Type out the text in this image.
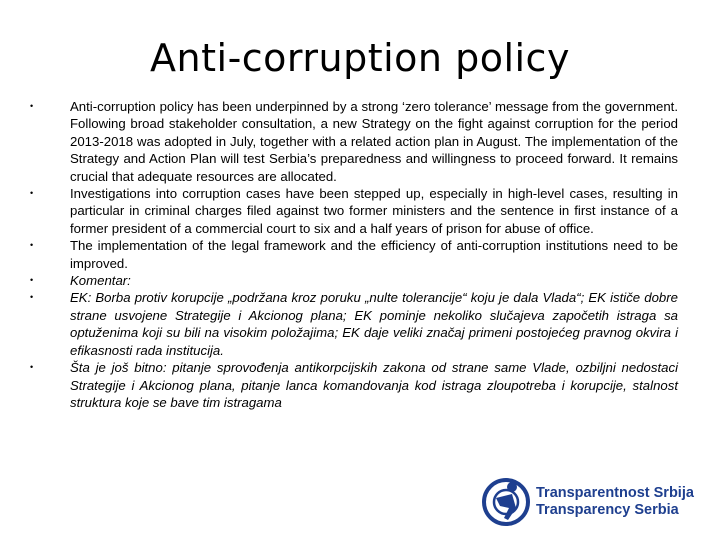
Anti-corruption policy
•	Anti-corruption policy has been underpinned by a strong ‘zero tolerance’ message from the government. Following broad stakeholder consultation, a new Strategy on the fight against corruption for the period 2013-2018 was adopted in July, together with a related action plan in August. The implementation of the Strategy and Action Plan will test Serbia’s preparedness and willingness to proceed forward. It remains crucial that adequate resources are allocated.
•	Investigations into corruption cases have been stepped up, especially in high-level cases, resulting in particular in criminal charges filed against two former ministers and the sentence in first instance of a former president of a commercial court to six and a half years of prison for abuse of office.
•	The implementation of the legal framework and the efficiency of anti-corruption institutions need to be improved.
•	Komentar:
•	EK: Borba protiv korupcije „podržana kroz poruku „nulte tolerancije“ koju je dala Vlada“; EK ističe dobre strane usvojene Strategije i Akcionog plana; EK pominje nekoliko slučajeva započetih istraga sa optuženima koji su bili na visokim položajima; EK daje veliki značaj primeni postojećeg pravnog okvira i efikasnosti rada institucija.
•	Šta je još bitno: pitanje sprovođenja antikorpcijskih zakona od strane same Vlade, ozbiljni nedostaci Strategije i Akcionog plana, pitanje lanca komandovanja kod istraga zloupotreba i korupcije, stalnost struktura koje se bave tim istragama
Transparentnost Srbija
Transparency Serbia
